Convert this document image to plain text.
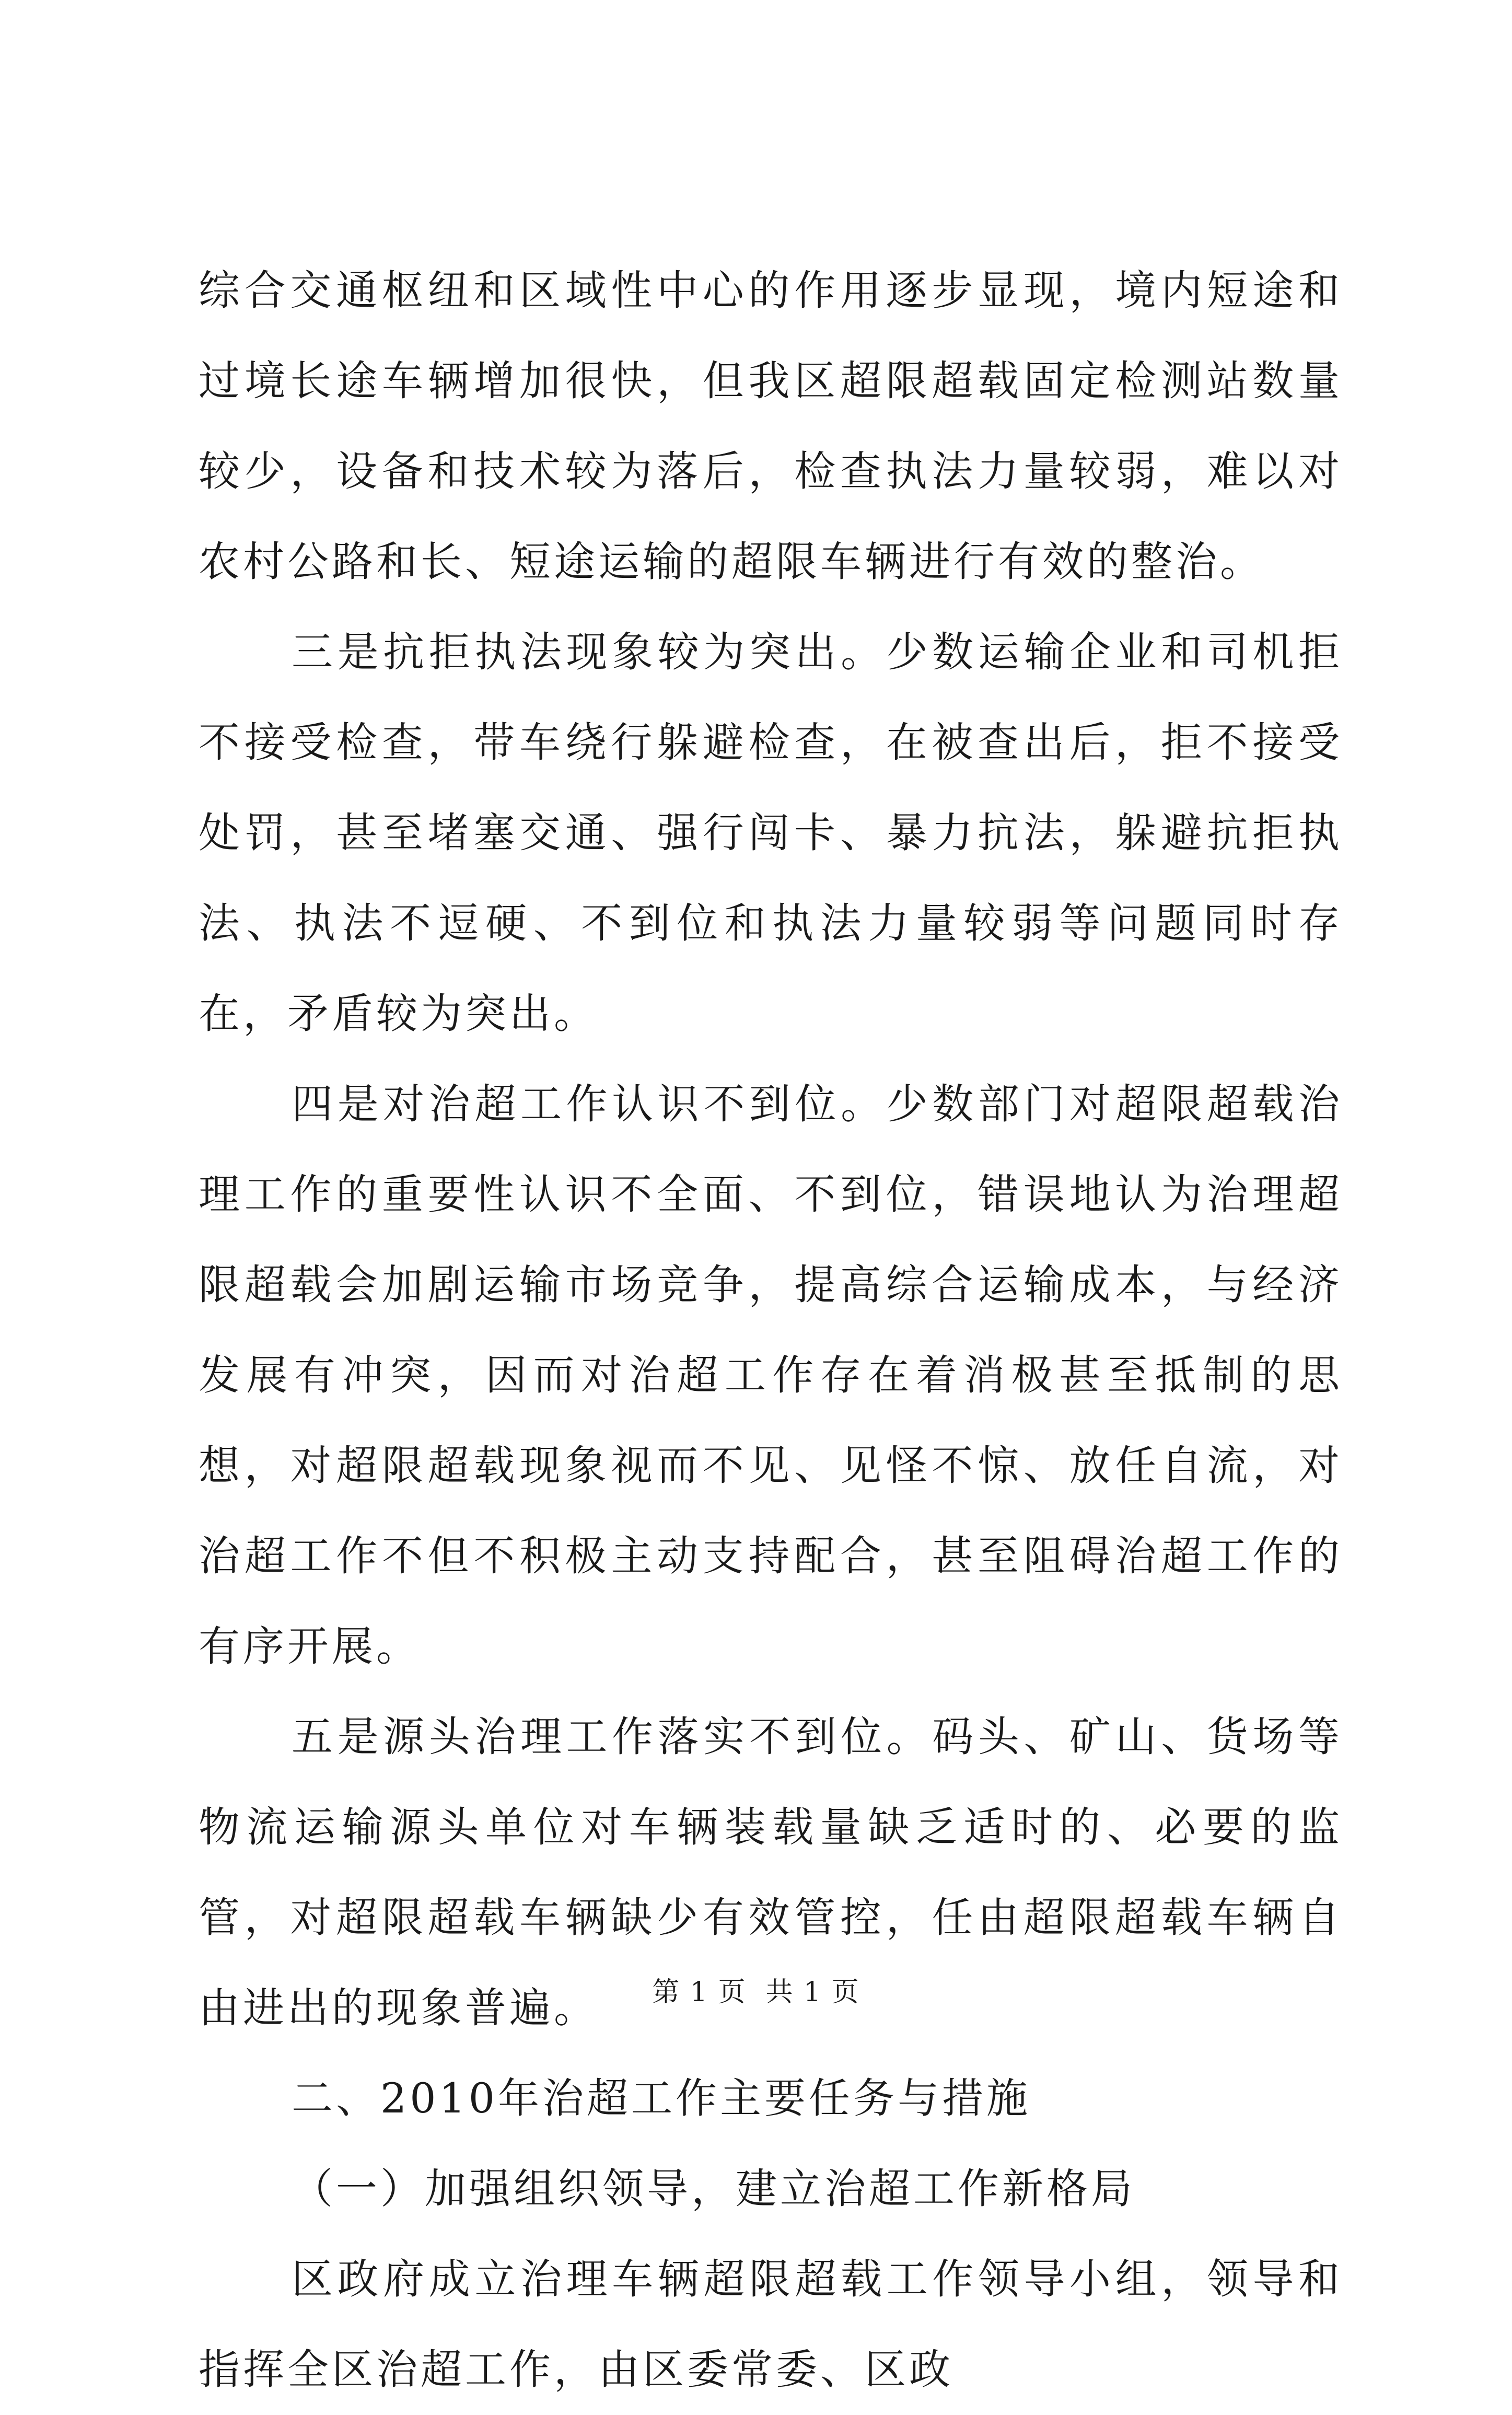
综合交通枢纽和区域性中心的作用逐步显现，境内短途和过境长途车辆增加很快，但我区超限超载固定检测站数量较少，设备和技术较为落后，检查执法力量较弱，难以对农村公路和长、短途运输的超限车辆进行有效的整治。

三是抗拒执法现象较为突出。少数运输企业和司机拒不接受检查，带车绕行躲避检查，在被查出后，拒不接受处罚，甚至堵塞交通、强行闯卡、暴力抗法，躲避抗拒执法、执法不逗硬、不到位和执法力量较弱等问题同时存在，矛盾较为突出。

四是对治超工作认识不到位。少数部门对超限超载治理工作的重要性认识不全面、不到位，错误地认为治理超限超载会加剧运输市场竞争，提高综合运输成本，与经济发展有冲突，因而对治超工作存在着消极甚至抵制的思想，对超限超载现象视而不见、见怪不惊、放任自流，对治超工作不但不积极主动支持配合，甚至阻碍治超工作的有序开展。

五是源头治理工作落实不到位。码头、矿山、货场等物流运输源头单位对车辆装载量缺乏适时的、必要的监管，对超限超载车辆缺少有效管控，任由超限超载车辆自由进出的现象普遍。

二、2010年治超工作主要任务与措施

（一）加强组织领导，建立治超工作新格局

区政府成立治理车辆超限超载工作领导小组，领导和指挥全区治超工作，由区委常委、区政

第 1 页  共 1 页
